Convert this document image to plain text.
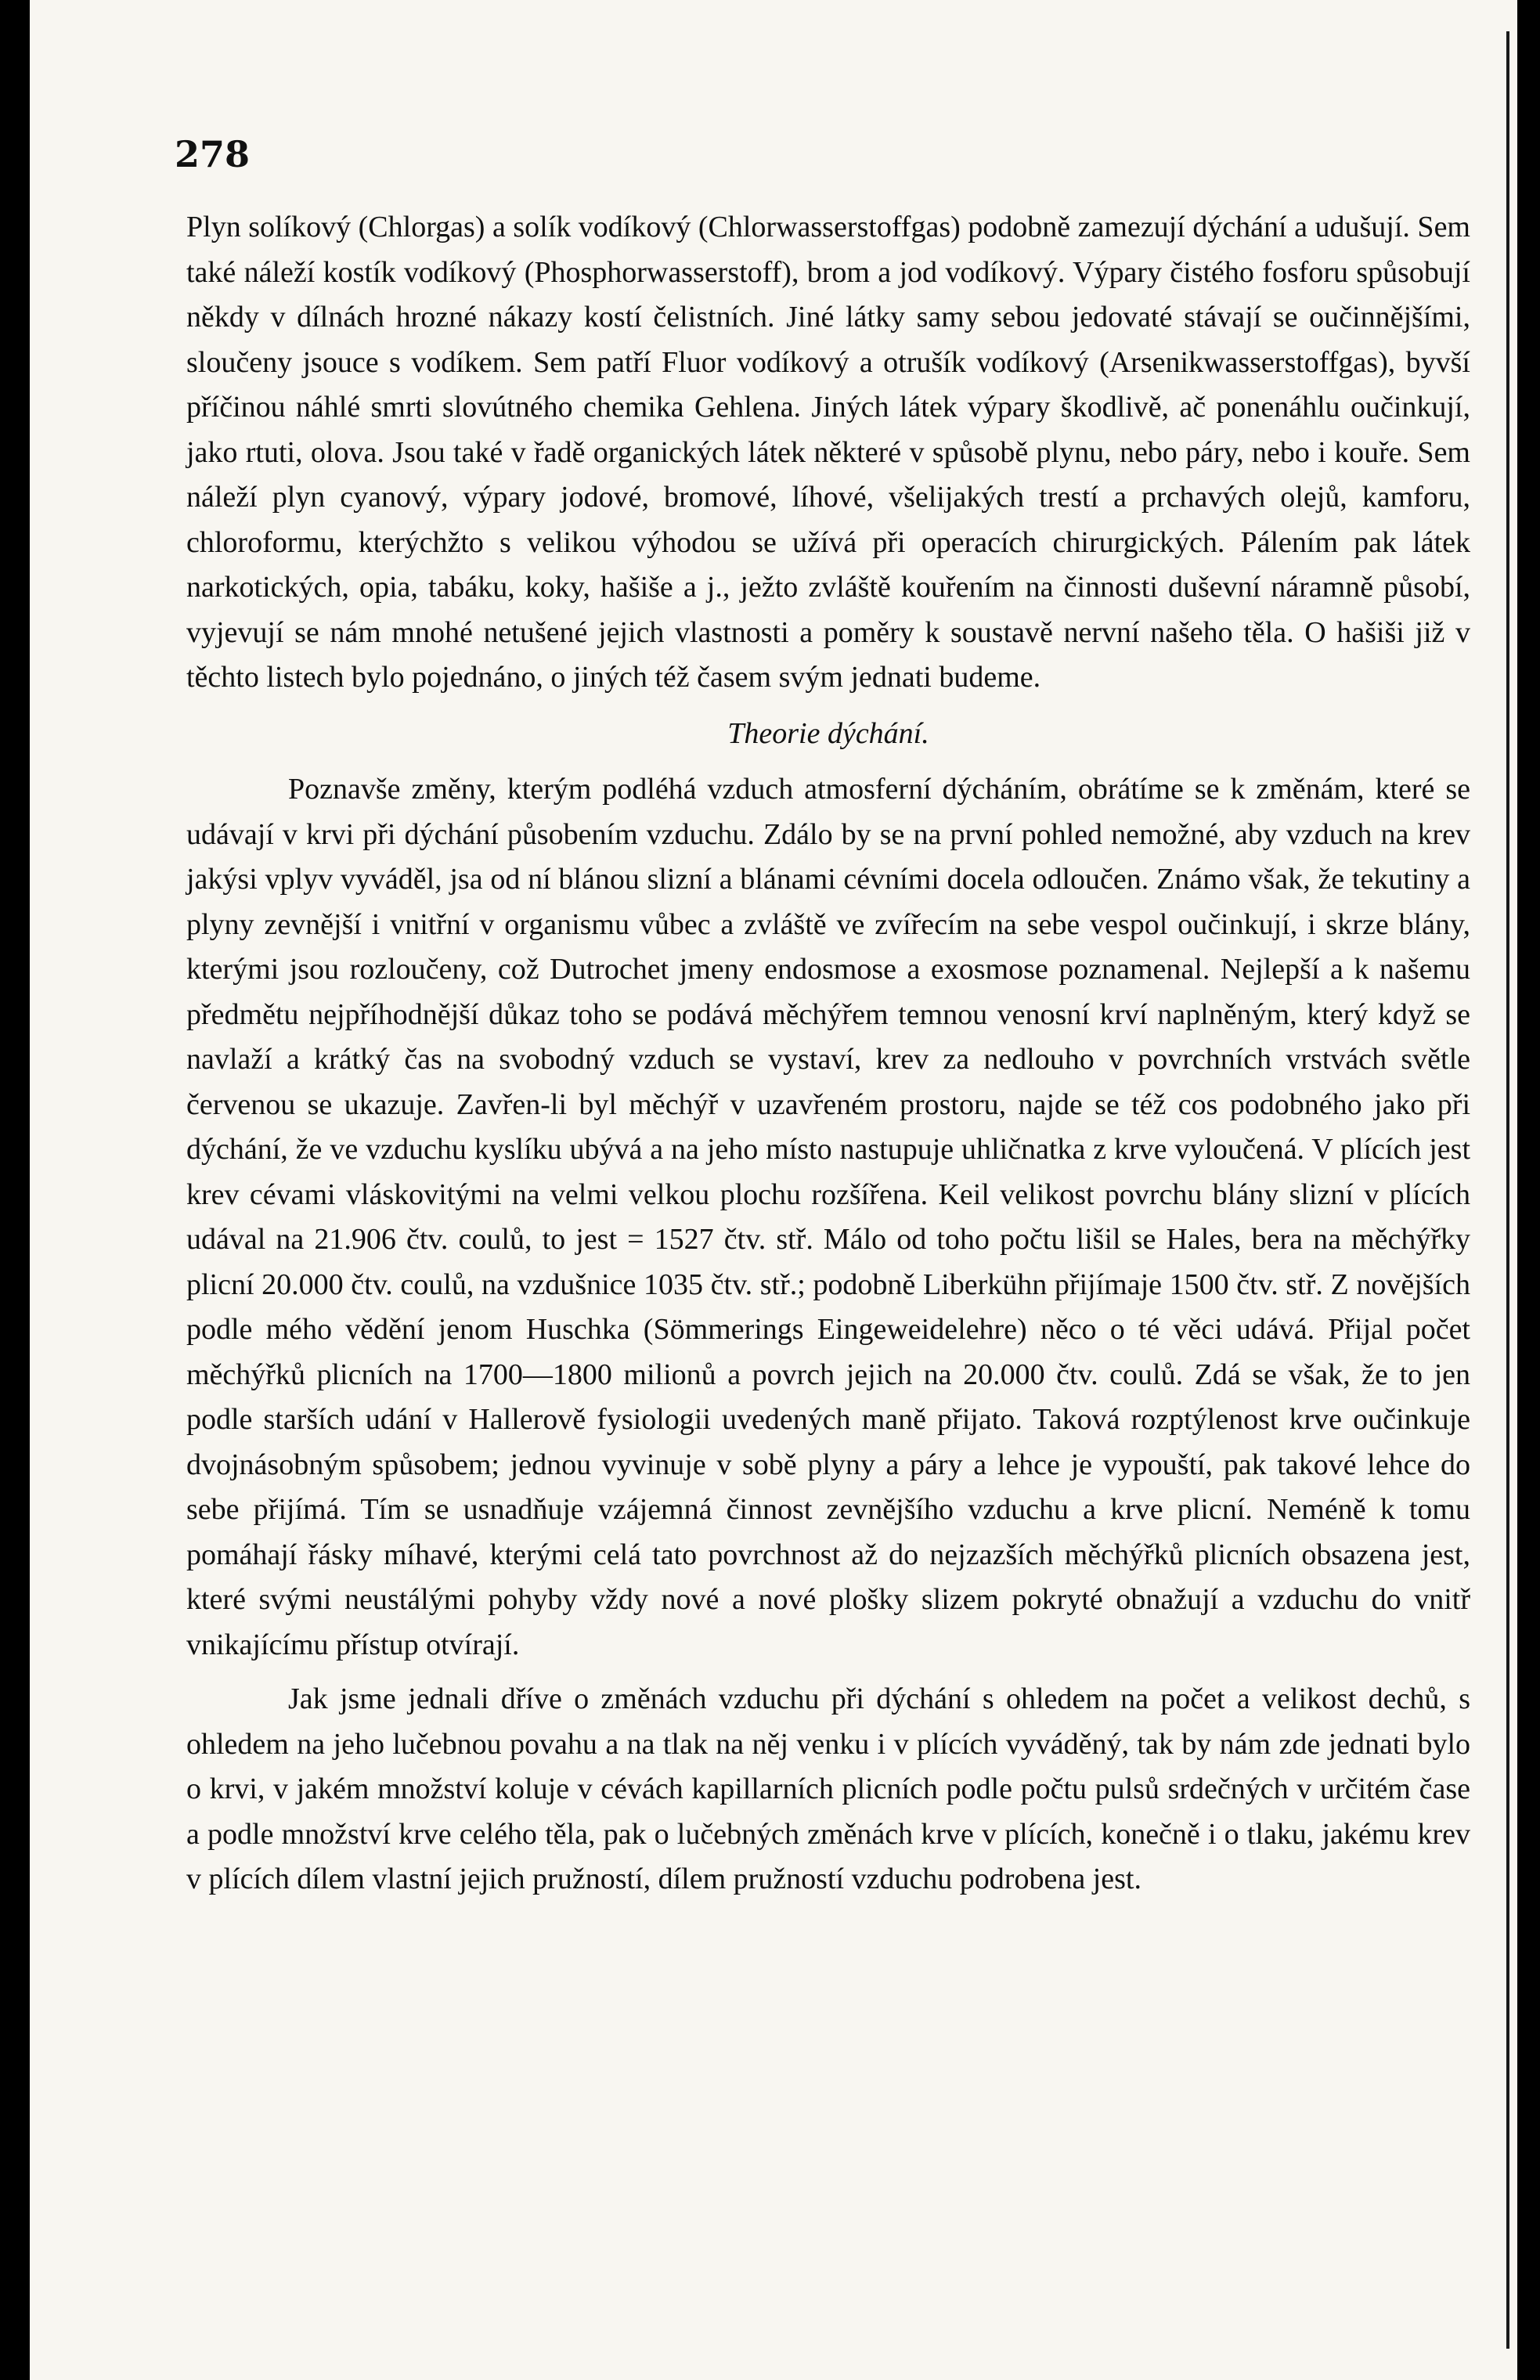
278

Plyn solíkový (Chlorgas) a solík vodíkový (Chlorwasserstoffgas) podobně zamezují dýchání a udušují. Sem také náleží kostík vodíkový (Phosphorwasserstoff), brom a jod vodíkový. Výpary čistého fosforu spůsobují někdy v dílnách hrozné nákazy kostí čelistních. Jiné látky samy sebou jedovaté stávají se oučinnějšími, sloučeny jsouce s vodíkem. Sem patří Fluor vodíkový a otrušík vodíkový (Arsenikwasserstoffgas), byvší příčinou náhlé smrti slovútného chemika Gehlena. Jiných látek výpary škodlivě, ač ponenáhlu oučinkují, jako rtuti, olova. Jsou také v řadě organických látek některé v spůsobě plynu, nebo páry, nebo i kouře. Sem náleží plyn cyanový, výpary jodové, bromové, líhové, všelijakých trestí a prchavých olejů, kamforu, chloroformu, kterýchžto s velikou výhodou se užívá při operacích chirurgických. Pálením pak látek narkotických, opia, tabáku, koky, hašiše a j., ježto zvláště kouřením na činnosti duševní náramně působí, vyjevují se nám mnohé netušené jejich vlastnosti a poměry k soustavě nervní našeho těla. O hašiši již v těchto listech bylo pojednáno, o jiných též časem svým jednati budeme.

Theorie dýchání.

Poznavše změny, kterým podléhá vzduch atmosferní dýcháním, obrátíme se k změnám, které se udávají v krvi při dýchání působením vzduchu. Zdálo by se na první pohled nemožné, aby vzduch na krev jakýsi vplyv vyváděl, jsa od ní blánou slizní a blánami cévními docela odloučen. Známo však, že tekutiny a plyny zevnější i vnitřní v organismu vůbec a zvláště ve zvířecím na sebe vespol oučinkují, i skrze blány, kterými jsou rozloučeny, což Dutrochet jmeny endosmose a exosmose poznamenal. Nejlepší a k našemu předmětu nejpříhodnější důkaz toho se podává měchýřem temnou venosní krví naplněným, který když se navlaží a krátký čas na svobodný vzduch se vystaví, krev za nedlouho v povrchních vrstvách světle červenou se ukazuje. Zavřen-li byl měchýř v uzavřeném prostoru, najde se též cos podobného jako při dýchání, že ve vzduchu kyslíku ubývá a na jeho místo nastupuje uhličnatka z krve vyloučená. V plících jest krev cévami vláskovitými na velmi velkou plochu rozšířena. Keil velikost povrchu blány slizní v plících udával na 21.906 čtv. coulů, to jest = 1527 čtv. stř. Málo od toho počtu lišil se Hales, bera na měchýřky plicní 20.000 čtv. coulů, na vzdušnice 1035 čtv. stř.; podobně Liberkühn přijímaje 1500 čtv. stř. Z novějších podle mého vědění jenom Huschka (Sömmerings Eingeweidelehre) něco o té věci udává. Přijal počet měchýřků plicních na 1700—1800 milionů a povrch jejich na 20.000 čtv. coulů. Zdá se však, že to jen podle starších udání v Hallerově fysiologii uvedených maně přijato. Taková rozptýlenost krve oučinkuje dvojnásobným spůsobem; jednou vyvinuje v sobě plyny a páry a lehce je vypouští, pak takové lehce do sebe přijímá. Tím se usnadňuje vzájemná činnost zevnějšího vzduchu a krve plicní. Neméně k tomu pomáhají řásky míhavé, kterými celá tato povrchnost až do nejzazších měchýřků plicních obsazena jest, které svými neustálými pohyby vždy nové a nové plošky slizem pokryté obnažují a vzduchu do vnitř vnikajícímu přístup otvírají.

Jak jsme jednali dříve o změnách vzduchu při dýchání s ohledem na počet a velikost dechů, s ohledem na jeho lučebnou povahu a na tlak na něj venku i v plících vyváděný, tak by nám zde jednati bylo o krvi, v jakém množství koluje v cévách kapillarních plicních podle počtu pulsů srdečných v určitém čase a podle množství krve celého těla, pak o lučebných změnách krve v plících, konečně i o tlaku, jakému krev v plících dílem vlastní jejich pružností, dílem pružností vzduchu podrobena jest.
